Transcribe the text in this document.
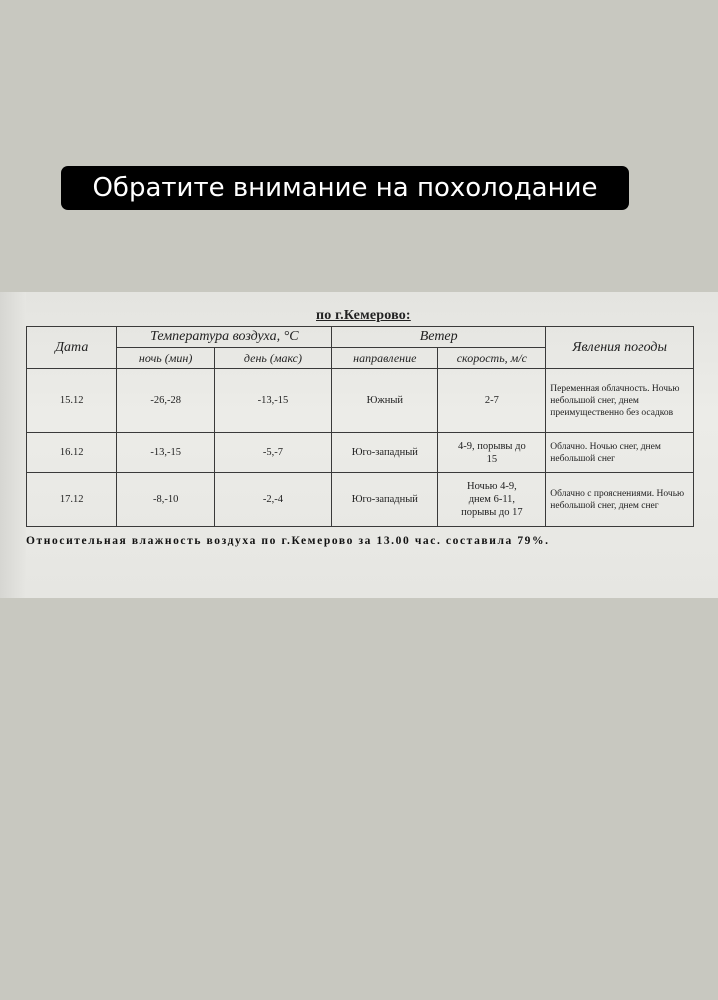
Обратите внимание на похолодание
по г.Кемерово:
Дата	Температура воздуха, °С		Ветер		Явления погоды
	ночь (мин)	день (макс)	направление	скорость, м/с	
15.12	-26,-28	-13,-15	Южный	2-7	Переменная облачность. Ночью небольшой снег, днем преимущественно без осадков
16.12	-13,-15	-5,-7	Юго-западный	4-9, порывы до 15	Облачно. Ночью снег, днем небольшой снег
17.12	-8,-10	-2,-4	Юго-западный	Ночью 4-9, днем 6-11, порывы до 17	Облачно с прояснениями. Ночью небольшой снег, днем снег
Относительная влажность воздуха по г.Кемерово за 13.00 час. составила 79%.
